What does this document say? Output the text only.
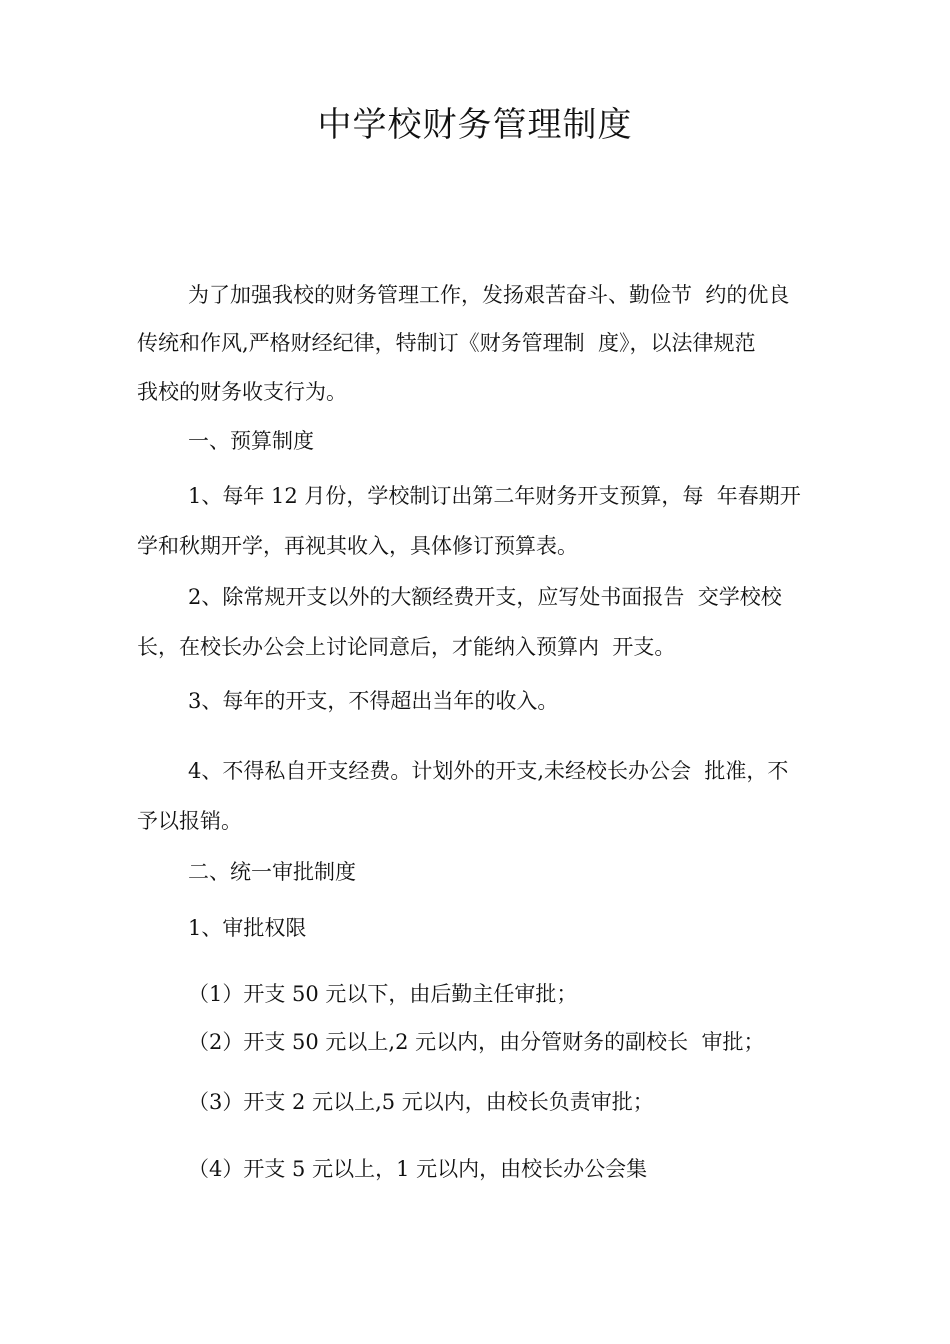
中学校财务管理制度
为了加强我校的财务管理工作，发扬艰苦奋斗、勤俭节  约的优良
传统和作风,严格财经纪律，特制订《财务管理制  度》，以法律规范
我校的财务收支行为。
一、预算制度
1、每年 12 月份，学校制订出第二年财务开支预算，每  年春期开
学和秋期开学，再视其收入，具体修订预算表。
2、除常规开支以外的大额经费开支，应写处书面报告  交学校校
长，在校长办公会上讨论同意后，才能纳入预算内  开支。
3、每年的开支，不得超出当年的收入。
4、不得私自开支经费。计划外的开支,未经校长办公会  批准，不
予以报销。
二、统一审批制度
1、审批权限
（1）开支 50 元以下，由后勤主任审批；
（2）开支 50 元以上,2 元以内，由分管财务的副校长  审批；
（3）开支 2 元以上,5 元以内，由校长负责审批；
（4）开支 5 元以上，1 元以内，由校长办公会集
